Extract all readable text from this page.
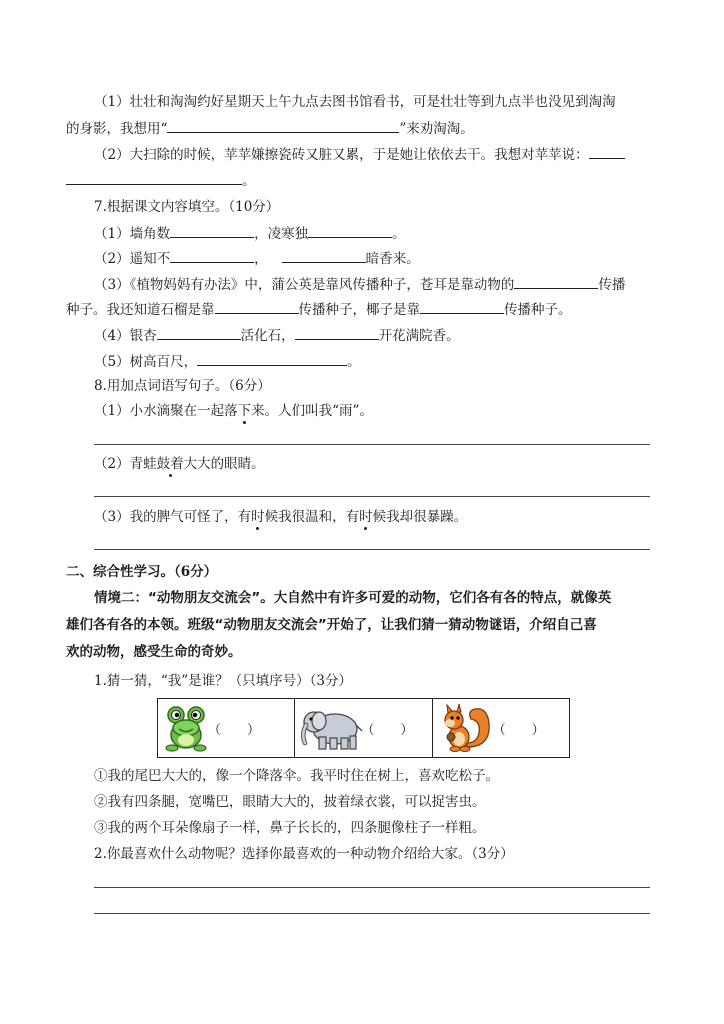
（1）壮壮和淘淘约好星期天上午九点去图书馆看书，可是壮壮等到九点半也没见到淘淘
的身影，我想用“	”来劝淘淘。
（2）大扫除的时候，苹苹嫌擦瓷砖又脏又累，于是她让依依去干。我想对苹苹说：
。
7.根据课文内容填空。（10分）
（1）墙角数	，凌寒独	。
（2）遥知不	，	暗香来。
（3）《植物妈妈有办法》中，蒲公英是靠风传播种子，苍耳是靠动物的	传播
种子。我还知道石榴是靠	传播种子，椰子是靠	传播种子。
（4）银杏	活化石，	开花满院香。
（5）树高百尺，	。
8.用加点词语写句子。（6分）
（1）小水滴聚在一起落下来。人们叫我“雨”。
（2）青蛙鼓着大大的眼睛。
（3）我的脾气可怪了，有时候我很温和，有时候我却很暴躁。
二、综合性学习。（6分）
情境二：“动物朋友交流会”。大自然中有许多可爱的动物，它们各有各的特点，就像英
雄们各有各的本领。班级“动物朋友交流会”开始了，让我们猜一猜动物谜语，介绍自己喜
欢的动物，感受生命的奇妙。
1.猜一猜，“我”是谁？（只填序号）（3分）
（　　）	（　　）	（　　）
①我的尾巴大大的，像一个降落伞。我平时住在树上，喜欢吃松子。
②我有四条腿，宽嘴巴，眼睛大大的，披着绿衣裳，可以捉害虫。
③我的两个耳朵像扇子一样，鼻子长长的，四条腿像柱子一样粗。
2.你最喜欢什么动物呢？选择你最喜欢的一种动物介绍给大家。（3分）
